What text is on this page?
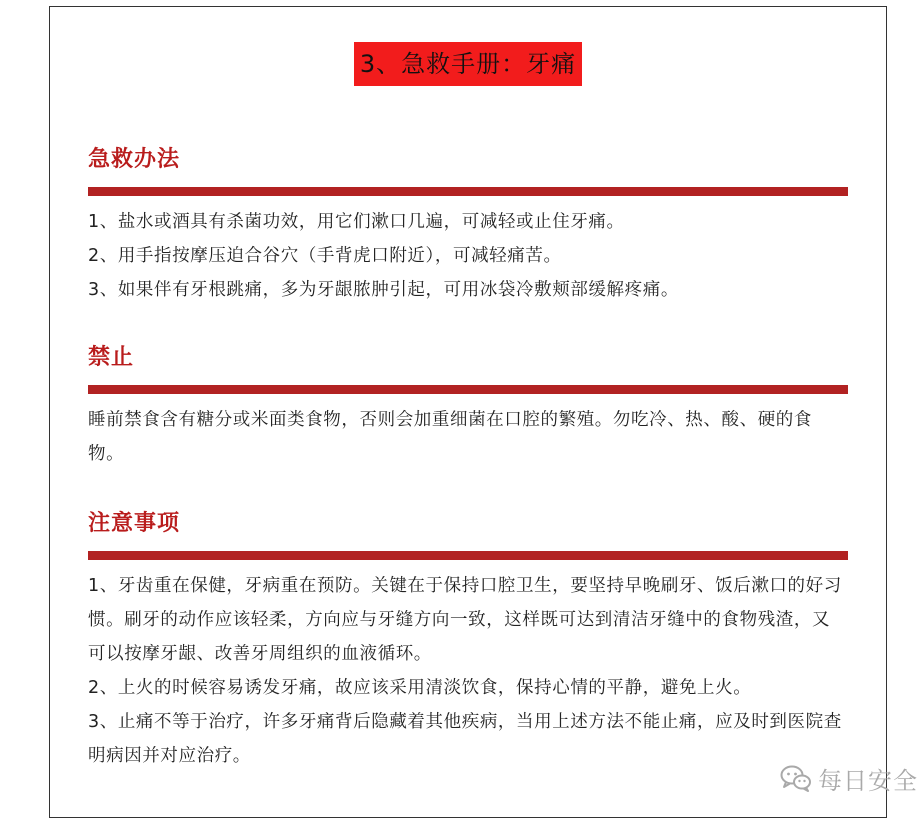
3、急救手册：牙痛
急救办法

1、盐水或酒具有杀菌功效，用它们漱口几遍，可减轻或止住牙痛。

2、用手指按摩压迫合谷穴（手背虎口附近），可减轻痛苦。

3、如果伴有牙根跳痛，多为牙龈脓肿引起，可用冰袋冷敷颊部缓解疼痛。

禁止

睡前禁食含有糖分或米面类食物，否则会加重细菌在口腔的繁殖。勿吃冷、热、酸、硬的食物。

注意事项

1、牙齿重在保健，牙病重在预防。关键在于保持口腔卫生，要坚持早晚刷牙、饭后漱口的好习惯。刷牙的动作应该轻柔，方向应与牙缝方向一致，这样既可达到清洁牙缝中的食物残渣，又可以按摩牙龈、改善牙周组织的血液循环。

2、上火的时候容易诱发牙痛，故应该采用清淡饮食，保持心情的平静，避免上火。

3、止痛不等于治疗，许多牙痛背后隐藏着其他疾病，当用上述方法不能止痛，应及时到医院查明病因并对应治疗。

每日安全
